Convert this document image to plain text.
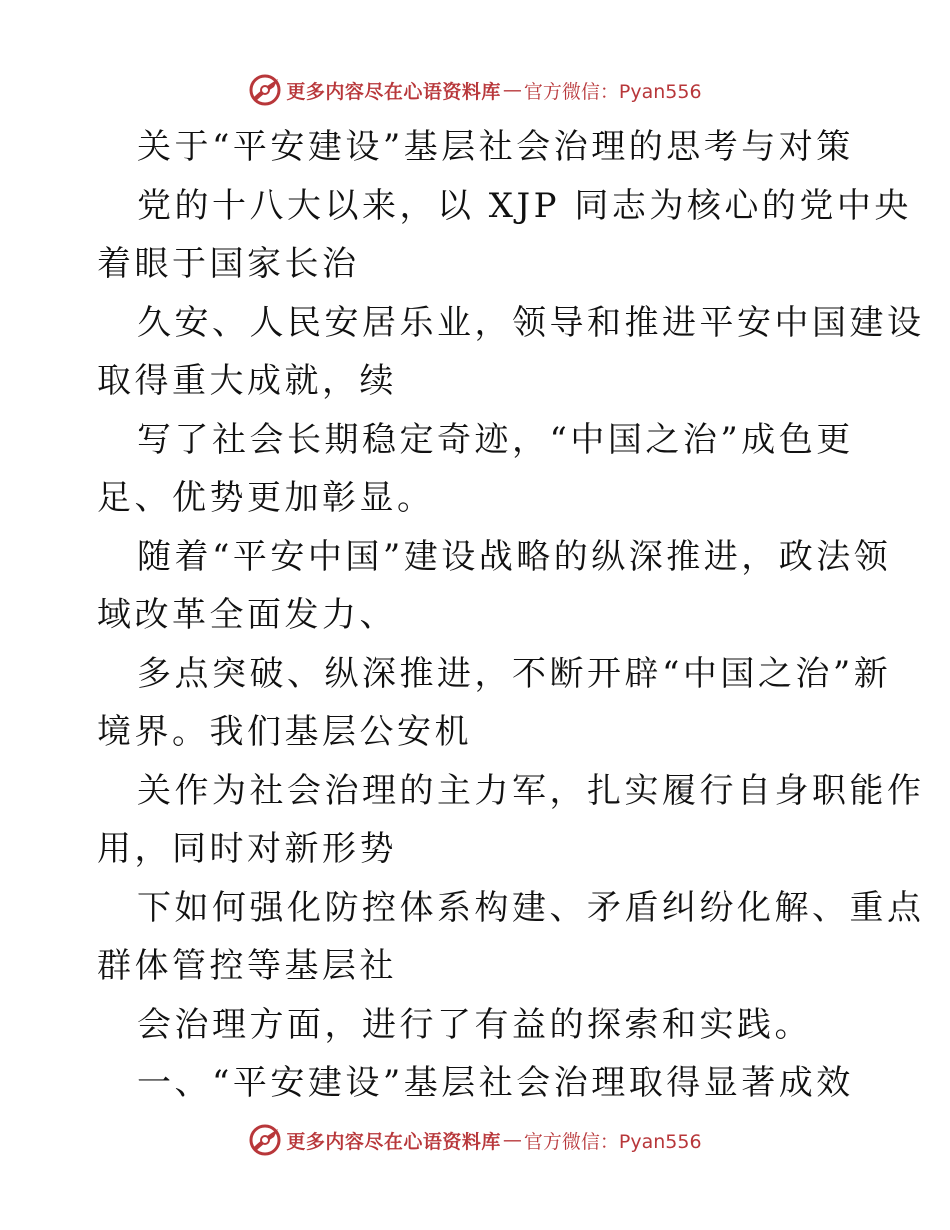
更多内容尽在心语资料库 — 官方微信：Pyan556
关于“平安建设”基层社会治理的思考与对策
党的十八大以来，以 XJP 同志为核心的党中央
着眼于国家长治
久安、人民安居乐业，领导和推进平安中国建设
取得重大成就，续
写了社会长期稳定奇迹，“中国之治”成色更
足、优势更加彰显。
随着“平安中国”建设战略的纵深推进，政法领
域改革全面发力、
多点突破、纵深推进，不断开辟“中国之治”新
境界。我们基层公安机
关作为社会治理的主力军，扎实履行自身职能作
用，同时对新形势
下如何强化防控体系构建、矛盾纠纷化解、重点
群体管控等基层社
会治理方面，进行了有益的探索和实践。
一、“平安建设”基层社会治理取得显著成效
更多内容尽在心语资料库 — 官方微信：Pyan556
